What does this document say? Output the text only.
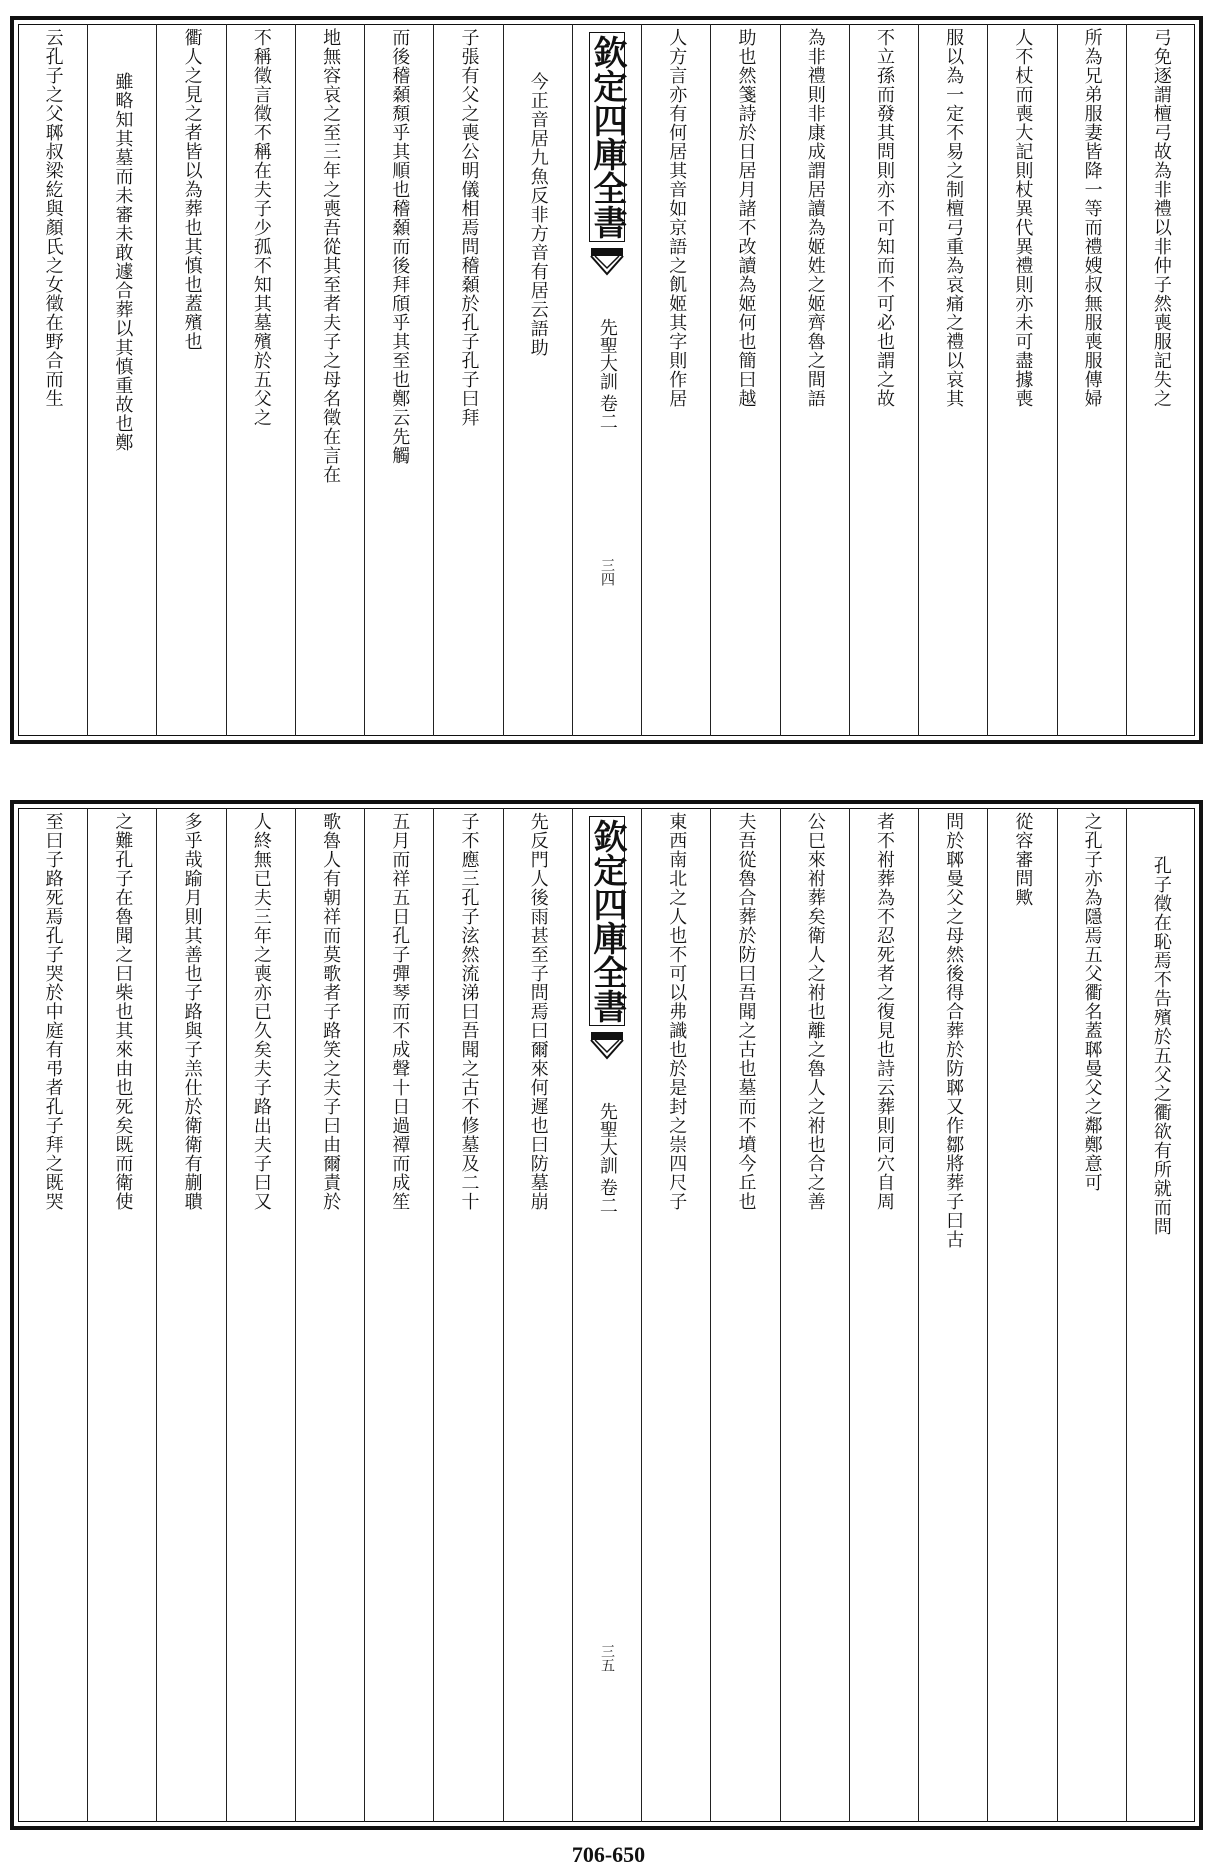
弓免逐謂檀弓故為非禮以非仲子然喪服記失之
所為兄弟服妻皆降一等而禮嫂叔無服喪服傳婦
人不杖而喪大記則杖異代異禮則亦未可盡據喪
服以為一定不易之制檀弓重為哀痛之禮以哀其
不立孫而發其問則亦不可知而不可必也謂之故
為非禮則非康成謂居讀為姬姓之姬齊魯之間語
助也然箋詩於日居月諸不改讀為姬何也簡曰越
人方言亦有何居其音如京語之飢姬其字則作居
欽定四庫全書
先聖大訓
卷二
三四
今正音居九魚反非方音有居云語助
子張有父之喪公明儀相焉問稽顙於孔子孔子曰拜
而後稽顙頹乎其順也稽顙而後拜頎乎其至也鄭云先觸
地無容哀之至三年之喪吾從其至者夫子之母名徵在言在
不稱徵言徵不稱在夫子少孤不知其墓殯於五父之
衢人之見之者皆以為葬也其慎也蓋殯也
雖略知其墓而未審未敢遽合葬以其慎重故也鄭
云孔子之父郰叔梁紇與顏氏之女徵在野合而生
孔子徵在恥焉不告殯於五父之衢欲有所就而問
之孔子亦為隱焉五父衢名蓋郰曼父之鄰鄭意可
從容審問歟
問於郰曼父之母然後得合葬於防郰又作鄒將葬子曰古
者不祔葬為不忍死者之復見也詩云葬則同穴自周
公巳來祔葬矣衛人之祔也離之魯人之祔也合之善
夫吾從魯合葬於防曰吾聞之古也墓而不墳今丘也
東西南北之人也不可以弗識也於是封之崇四尺子
欽定四庫全書
先聖大訓
卷二
三五
先反門人後雨甚至子問焉曰爾來何遲也曰防墓崩
子不應三孔子泫然流涕曰吾聞之古不修墓及二十
五月而祥五日孔子彈琴而不成聲十日過禫而成笙
歌魯人有朝祥而莫歌者子路笑之夫子曰由爾責於
人終無已夫三年之喪亦已久矣夫子路出夫子曰又
多乎哉踰月則其善也子路與子羔仕於衛衛有蒯聵
之難孔子在魯聞之曰柴也其來由也死矣既而衛使
至曰子路死焉孔子哭於中庭有弔者孔子拜之既哭
706-650
